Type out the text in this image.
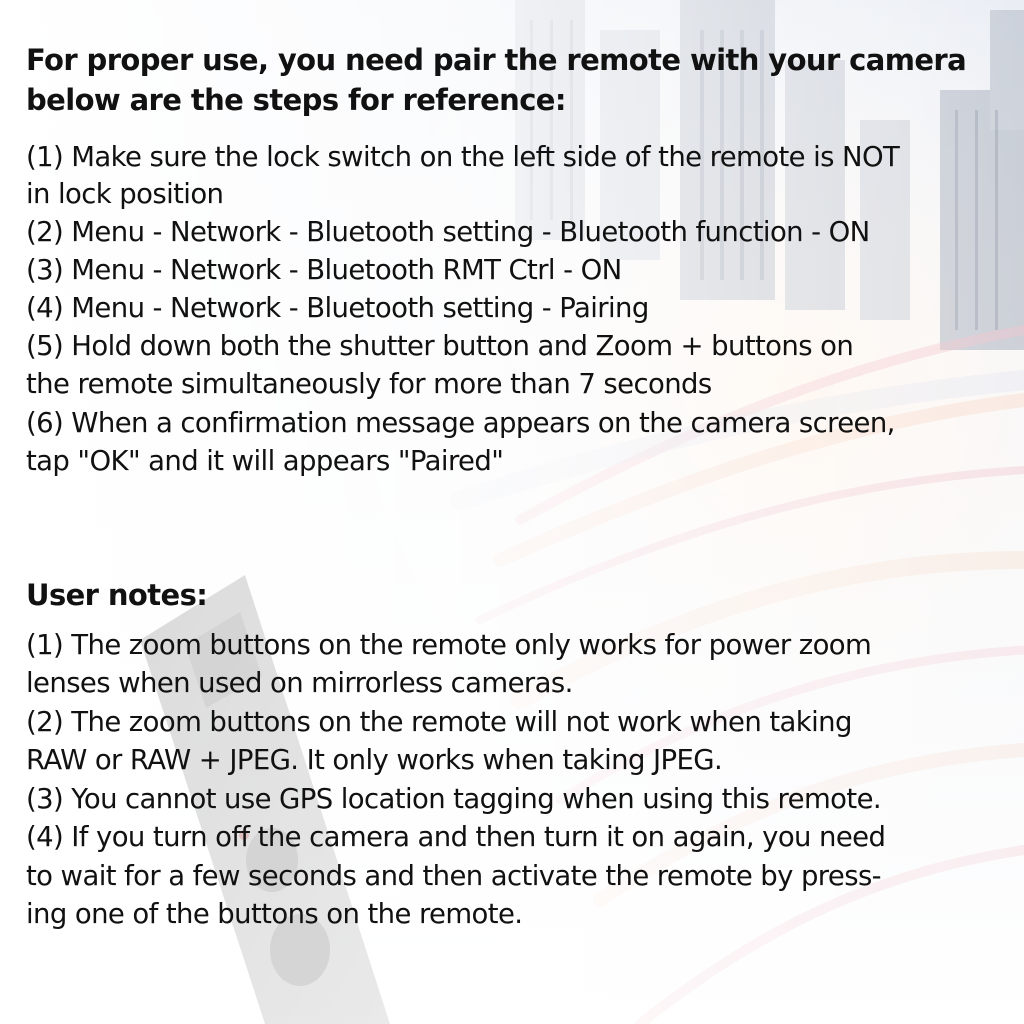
For proper use, you need pair the remote with your camera
below are the steps for reference:

(1) Make sure the lock switch on the left side of the remote is NOT

in lock position

(2) Menu - Network - Bluetooth setting - Bluetooth function - ON

(3) Menu - Network - Bluetooth RMT Ctrl - ON

(4) Menu - Network - Bluetooth setting - Pairing

(5) Hold down both the shutter button and Zoom + buttons on

the remote simultaneously for more than 7 seconds

(6) When a confirmation message appears on the camera screen,

tap "OK" and it will appears "Paired"

User notes:

(1) The zoom buttons on the remote only works for power zoom

lenses when used on mirrorless cameras.

(2) The zoom buttons on the remote will not work when taking

RAW or RAW + JPEG. It only works when taking JPEG.

(3) You cannot use GPS location tagging when using this remote.

(4) If you turn off the camera and then turn it on again, you need

to wait for a few seconds and then activate the remote by press-

ing one of the buttons on the remote.
